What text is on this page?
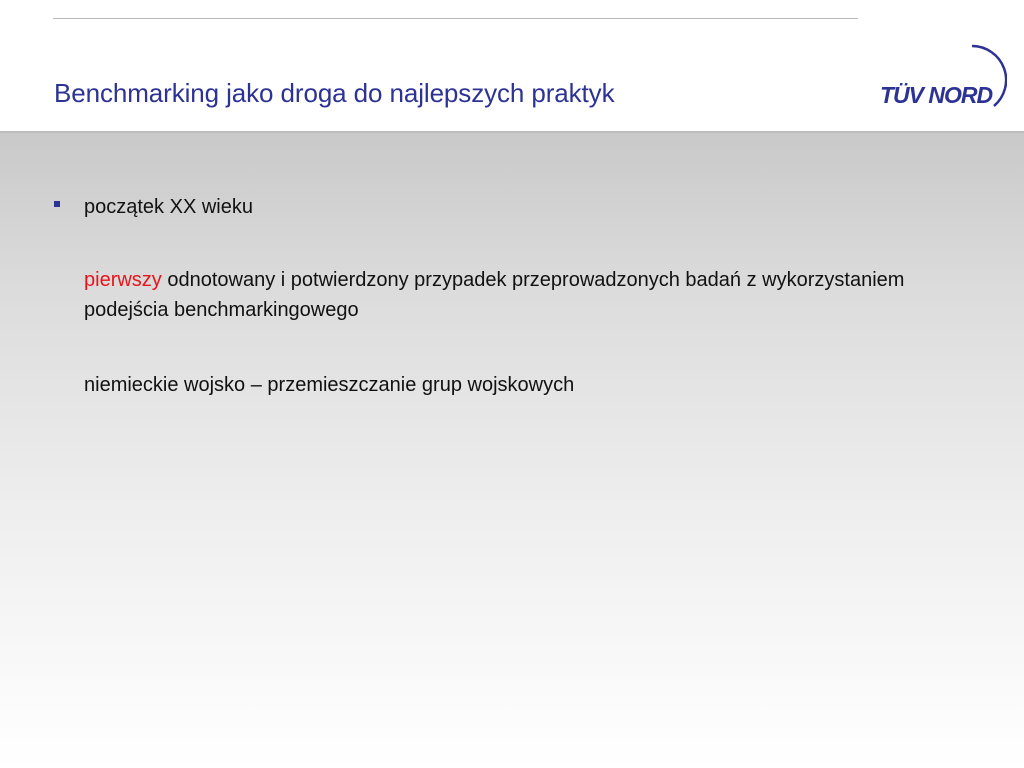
Benchmarking jako droga do najlepszych praktyk	TÜV NORD

początek XX wieku

pierwszy odnotowany i potwierdzony przypadek przeprowadzonych badań z wykorzystaniem podejścia benchmarkingowego

niemieckie wojsko – przemieszczanie grup wojskowych
